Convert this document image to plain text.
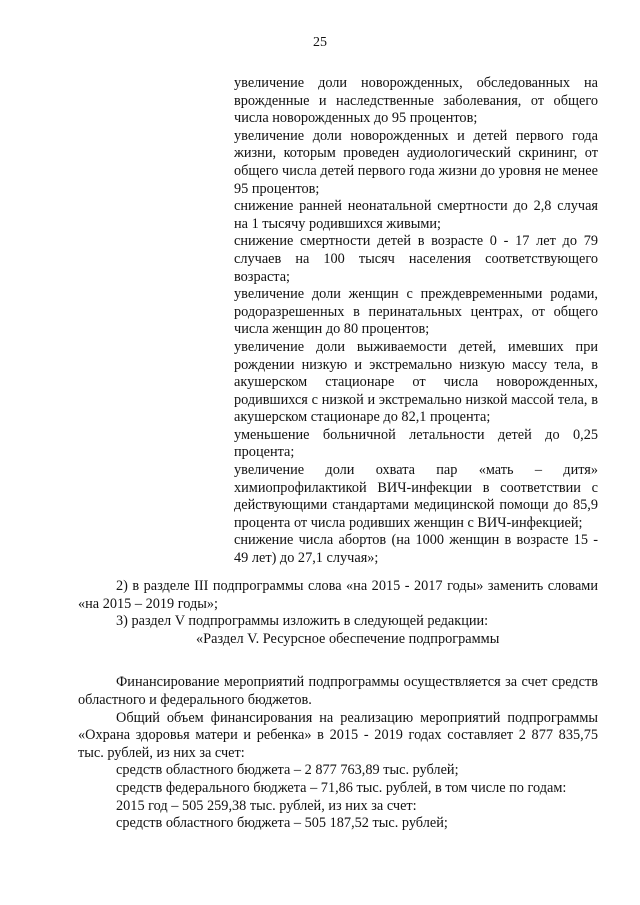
25

увеличение доли новорожденных, обследованных на врожденные и наследственные заболевания, от общего числа новорожденных до 95 процентов;

увеличение доли новорожденных и детей первого года жизни, которым проведен аудиологический скрининг, от общего числа детей первого года жизни до уровня не менее 95 процентов;

снижение ранней неонатальной смертности до 2,8 случая на 1 тысячу родившихся живыми;

снижение смертности детей в возрасте 0 - 17 лет до 79 случаев на 100 тысяч населения соответствующего возраста;

увеличение доли женщин с преждевременными родами, родоразрешенных в перинатальных центрах, от общего числа женщин до 80 процентов;

увеличение доли выживаемости детей, имевших при рождении низкую и экстремально низкую массу тела, в акушерском стационаре от числа новорожденных, родившихся с низкой и экстремально низкой массой тела, в акушерском стационаре до 82,1 процента;

уменьшение больничной летальности детей до 0,25 процента;

увеличение доли охвата пар «мать – дитя» химиопрофилактикой ВИЧ-инфекции в соответствии с действующими стандартами медицинской помощи до 85,9 процента от числа родивших женщин с ВИЧ-инфекцией;

снижение числа абортов (на 1000 женщин в возрасте 15 - 49 лет) до 27,1 случая»;

2) в разделе III подпрограммы слова «на 2015 - 2017 годы» заменить словами «на 2015 – 2019 годы»;

3) раздел V подпрограммы изложить в следующей редакции:

«Раздел V. Ресурсное обеспечение подпрограммы

Финансирование мероприятий подпрограммы осуществляется за счет средств областного и федерального бюджетов.

Общий объем финансирования на реализацию мероприятий подпрограммы «Охрана здоровья матери и ребенка» в 2015 - 2019 годах составляет 2 877 835,75 тыс. рублей, из них за счет:

средств областного бюджета – 2 877 763,89 тыс. рублей;

средств федерального бюджета – 71,86 тыс. рублей, в том числе по годам:

2015 год – 505 259,38 тыс. рублей, из них за счет:

средств областного бюджета – 505 187,52 тыс. рублей;
